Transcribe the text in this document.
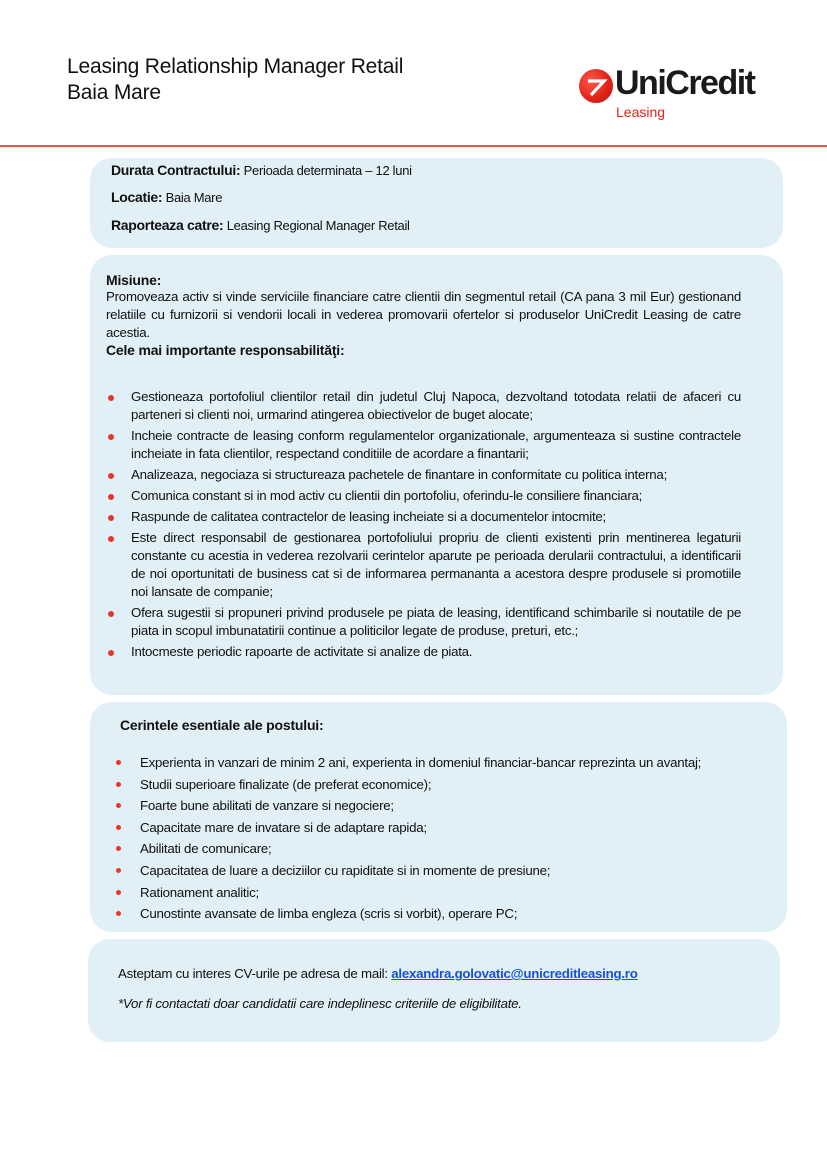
Leasing Relationship Manager Retail
Baia Mare	UniCredit
Leasing
Durata Contractului: Perioada determinata – 12 luni
Locatie: Baia Mare
Raporteaza catre: Leasing Regional Manager Retail
Misiune:
Promoveaza activ si vinde serviciile financiare catre clientii din segmentul retail (CA pana 3 mil Eur) gestionand relatiile cu furnizorii si vendorii locali in vederea promovarii ofertelor si produselor UniCredit Leasing de catre acestia.
Cele mai importante responsabilităţi:
Gestioneaza portofoliul clientilor retail din judetul Cluj Napoca, dezvoltand totodata relatii de afaceri cu parteneri si clienti noi, urmarind atingerea obiectivelor de buget alocate;
Incheie contracte de leasing conform regulamentelor organizationale, argumenteaza si sustine contractele incheiate in fata clientilor, respectand conditiile de acordare a finantarii;
Analizeaza, negociaza si structureaza pachetele de finantare in conformitate cu politica interna;
Comunica constant si in mod activ cu clientii din portofoliu, oferindu-le consiliere financiara;
Raspunde de calitatea contractelor de leasing incheiate si a documentelor intocmite;
Este direct responsabil de gestionarea portofoliului propriu de clienti existenti prin mentinerea legaturii constante cu acestia in vederea rezolvarii cerintelor aparute pe perioada derularii contractului, a identificarii de noi oportunitati de business cat si de informarea permananta a acestora despre produsele si promotiile noi lansate de companie;
Ofera sugestii si propuneri privind produsele pe piata de leasing, identificand schimbarile si noutatile de pe piata in scopul imbunatatirii continue a politicilor legate de produse, preturi, etc.;
Intocmeste periodic rapoarte de activitate si analize de piata.
Cerintele esentiale ale postului:
Experienta in vanzari de minim 2 ani, experienta in domeniul financiar-bancar reprezinta un avantaj;
Studii superioare finalizate (de preferat economice);
Foarte bune abilitati de vanzare si negociere;
Capacitate mare de invatare si de adaptare rapida;
Abilitati de comunicare;
Capacitatea de luare a deciziilor cu rapiditate si in momente de presiune;
Rationament analitic;
Cunostinte avansate de limba engleza (scris si vorbit), operare PC;
Asteptam cu interes CV-urile pe adresa de mail: alexandra.golovatic@unicreditleasing.ro
*Vor fi contactati doar candidatii care indeplinesc criteriile de eligibilitate.
